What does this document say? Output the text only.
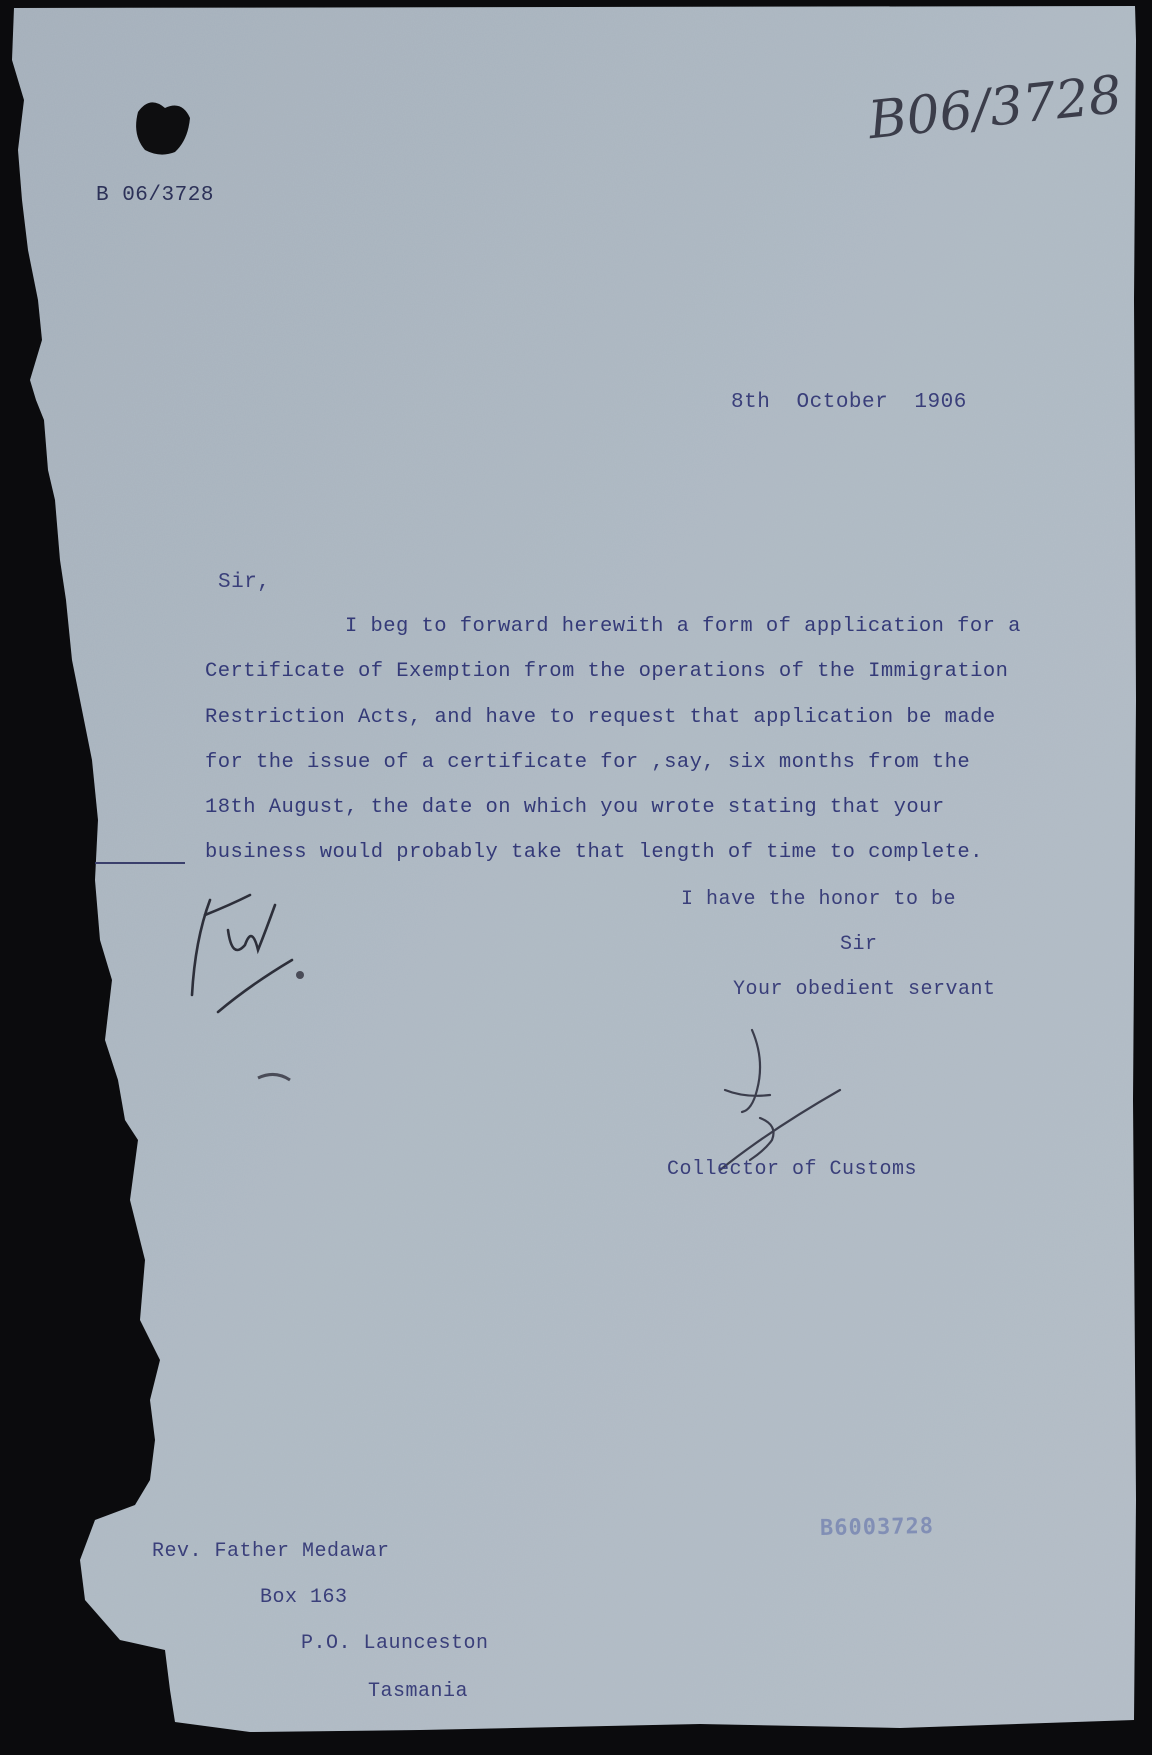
B06/3728
B 06/3728
8th  October  1906
Sir,
I beg to forward herewith a form of application for a
Certificate of Exemption from the operations of the Immigration
Restriction Acts, and have to request that application be made
for the issue of a certificate for ,say, six months from the
18th August, the date on which you wrote stating that your
business would probably take that length of time to complete.
I have the honor to be
Sir
Your obedient servant
Collector of Customs
B6003728
Rev. Father Medawar
Box 163
P.O. Launceston
Tasmania
